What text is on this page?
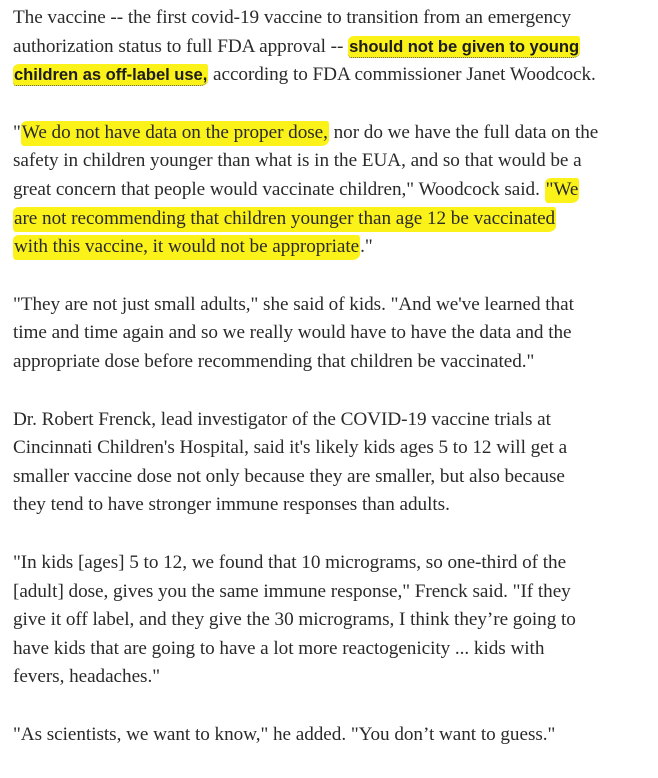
The vaccine -- the first covid-19 vaccine to transition from an emergency
authorization status to full FDA approval -- should not be given to young
children as off-label use, according to FDA commissioner Janet Woodcock.

"We do not have data on the proper dose, nor do we have the full data on the
safety in children younger than what is in the EUA, and so that would be a
great concern that people would vaccinate children," Woodcock said. "We
are not recommending that children younger than age 12 be vaccinated
with this vaccine, it would not be appropriate."

"They are not just small adults," she said of kids. "And we've learned that
time and time again and so we really would have to have the data and the
appropriate dose before recommending that children be vaccinated."

Dr. Robert Frenck, lead investigator of the COVID-19 vaccine trials at
Cincinnati Children's Hospital, said it's likely kids ages 5 to 12 will get a
smaller vaccine dose not only because they are smaller, but also because
they tend to have stronger immune responses than adults.

"In kids [ages] 5 to 12, we found that 10 micrograms, so one-third of the
[adult] dose, gives you the same immune response," Frenck said. "If they
give it off label, and they give the 30 micrograms, I think they’re going to
have kids that are going to have a lot more reactogenicity ... kids with
fevers, headaches."

"As scientists, we want to know," he added. "You don’t want to guess."
